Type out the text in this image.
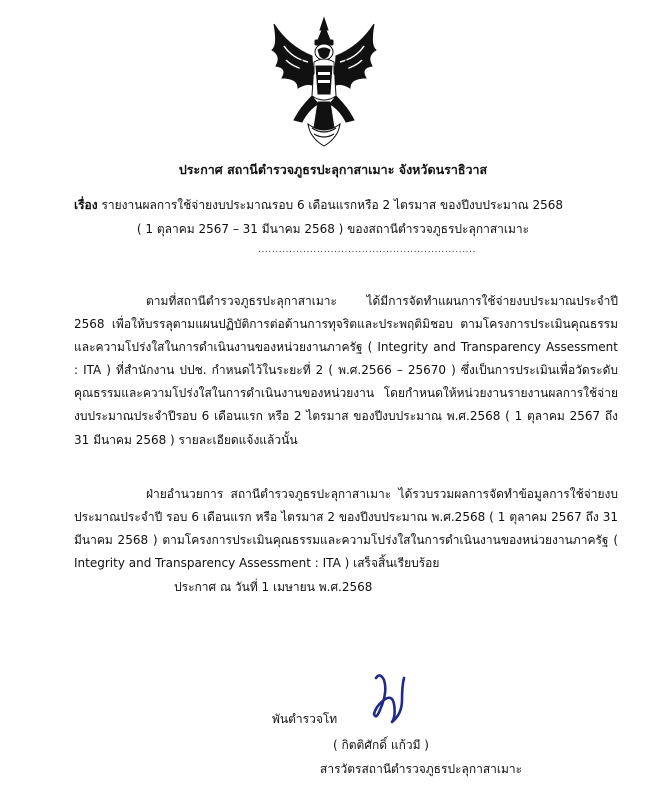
ประกาศ สถานีตำรวจภูธรปะลุกาสาเมาะ จังหวัดนราธิวาส
เรื่อง รายงานผลการใช้จ่ายงบประมาณรอบ 6 เดือนแรกหรือ 2 ไตรมาส ของปีงบประมาณ 2568
( 1 ตุลาคม 2567 – 31 มีนาคม 2568 ) ของสถานีตำรวจภูธรปะลุกาสาเมาะ
...............................................................
ตามที่สถานีตำรวจภูธรปะลุกาสาเมาะ ได้มีการจัดทำแผนการใช้จ่ายงบประมาณประจำปี 2568 เพื่อให้บรรลุตามแผนปฏิบัติการต่อต้านการทุจริตและประพฤติมิชอบ ตามโครงการประเมินคุณธรรมและความโปร่งใสในการดำเนินงานของหน่วยงานภาครัฐ ( Integrity and Transparency Assessment : ITA ) ที่สำนักงาน ปปช. กำหนดไว้ในระยะที่ 2 ( พ.ศ.2566 – 25670 ) ซึ่งเป็นการประเมินเพื่อวัดระดับคุณธรรมและความโปร่งใสในการดำเนินงานของหน่วยงาน โดยกำหนดให้หน่วยงานรายงานผลการใช้จ่ายงบประมาณประจำปีรอบ 6 เดือนแรก หรือ 2 ไตรมาส ของปีงบประมาณ พ.ศ.2568 ( 1 ตุลาคม 2567 ถึง 31 มีนาคม 2568 ) รายละเอียดแจ้งแล้วนั้น
ฝ่ายอำนวยการ สถานีตำรวจภูธรปะลุกาสาเมาะ ได้รวบรวมผลการจัดทำข้อมูลการใช้จ่ายงบประมาณประจำปี รอบ 6 เดือนแรก หรือ ไตรมาส 2 ของปีงบประมาณ พ.ศ.2568 ( 1 ตุลาคม 2567 ถึง 31 มีนาคม 2568 ) ตามโครงการประเมินคุณธรรมและความโปร่งใสในการดำเนินงานของหน่วยงานภาครัฐ ( Integrity and Transparency Assessment : ITA ) เสร็จสิ้นเรียบร้อย
ประกาศ ณ วันที่ 1 เมษายน พ.ศ.2568
พันตำรวจโท
( กิตติศักดิ์ แก้วมี )
สารวัตรสถานีตำรวจภูธรปะลุกาสาเมาะ
